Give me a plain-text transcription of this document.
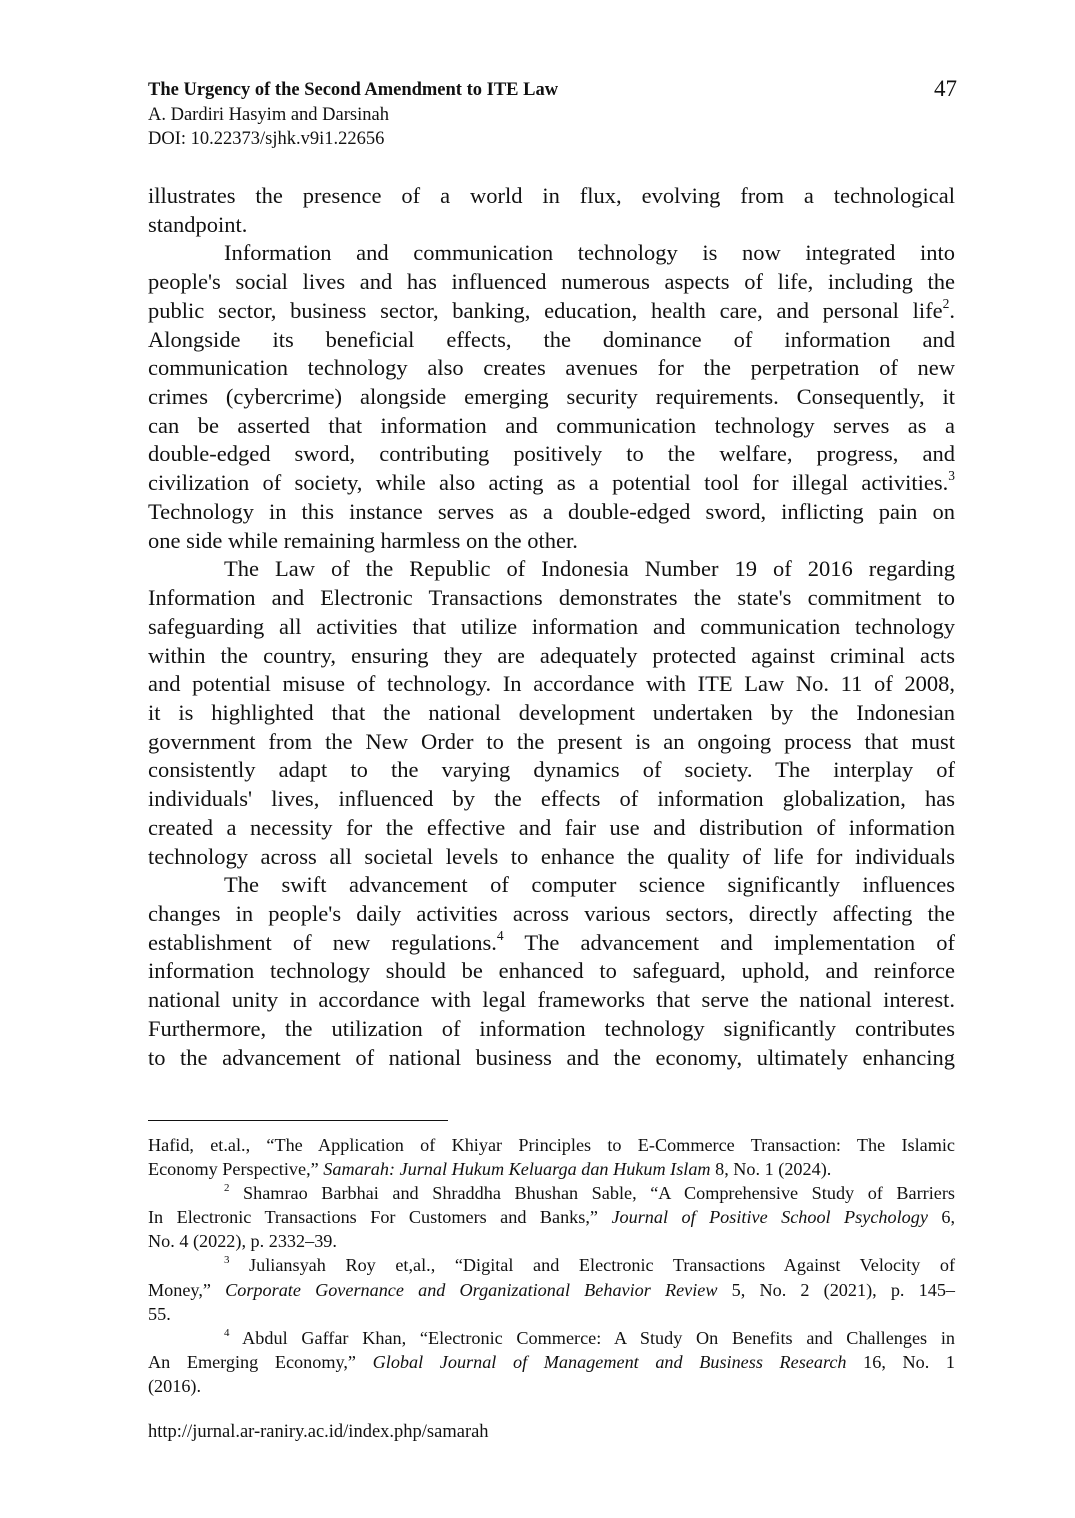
The Urgency of the Second Amendment to ITE Law
A. Dardiri Hasyim and Darsinah
DOI: 10.22373/sjhk.v9i1.22656
47
illustrates the presence of a world in flux, evolving from a technological
standpoint.
Information and communication technology is now integrated into
people's social lives and has influenced numerous aspects of life, including the
public sector, business sector, banking, education, health care, and personal life$^2$.
Alongside its beneficial effects, the dominance of information and
communication technology also creates avenues for the perpetration of new
crimes (cybercrime) alongside emerging security requirements. Consequently, it
can be asserted that information and communication technology serves as a
double-edged sword, contributing positively to the welfare, progress, and
civilization of society, while also acting as a potential tool for illegal activities.$^3$
Technology in this instance serves as a double-edged sword, inflicting pain on
one side while remaining harmless on the other.
The Law of the Republic of Indonesia Number 19 of 2016 regarding
Information and Electronic Transactions demonstrates the state's commitment to
safeguarding all activities that utilize information and communication technology
within the country, ensuring they are adequately protected against criminal acts
and potential misuse of technology. In accordance with ITE Law No. 11 of 2008,
it is highlighted that the national development undertaken by the Indonesian
government from the New Order to the present is an ongoing process that must
consistently adapt to the varying dynamics of society. The interplay of
individuals' lives, influenced by the effects of information globalization, has
created a necessity for the effective and fair use and distribution of information
technology across all societal levels to enhance the quality of life for individuals
The swift advancement of computer science significantly influences
changes in people's daily activities across various sectors, directly affecting the
establishment of new regulations.$^4$ The advancement and implementation of
information technology should be enhanced to safeguard, uphold, and reinforce
national unity in accordance with legal frameworks that serve the national interest.
Furthermore, the utilization of information technology significantly contributes
to the advancement of national business and the economy, ultimately enhancing
Hafid, et.al., “The Application of Khiyar Principles to E-Commerce Transaction: The Islamic
Economy Perspective,” Samarah: Jurnal Hukum Keluarga dan Hukum Islam 8, No. 1 (2024).
$^2$ Shamrao Barbhai and Shraddha Bhushan Sable, “A Comprehensive Study of Barriers
In Electronic Transactions For Customers and Banks,” Journal of Positive School Psychology 6,
No. 4 (2022), p. 2332–39.
$^3$ Juliansyah Roy et,al., “Digital and Electronic Transactions Against Velocity of
Money,” Corporate Governance and Organizational Behavior Review 5, No. 2 (2021), p. 145–
55.
$^4$ Abdul Gaffar Khan, “Electronic Commerce: A Study On Benefits and Challenges in
An Emerging Economy,” Global Journal of Management and Business Research 16, No. 1
(2016).
http://jurnal.ar-raniry.ac.id/index.php/samarah
